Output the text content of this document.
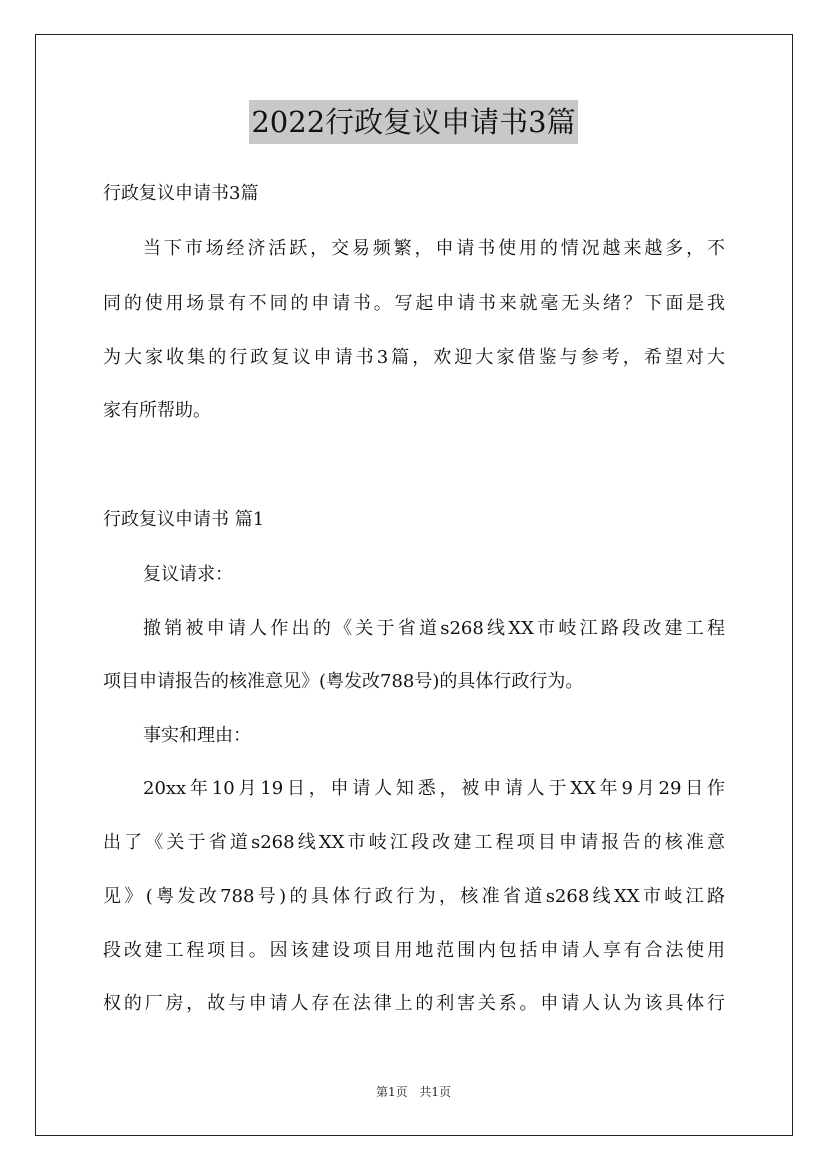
2022行政复议申请书3篇
行政复议申请书3篇
当下市场经济活跃，交易频繁，申请书使用的情况越来越多，不
同的使用场景有不同的申请书。写起申请书来就毫无头绪？下面是我
为大家收集的行政复议申请书3篇，欢迎大家借鉴与参考，希望对大
家有所帮助。
行政复议申请书 篇1
复议请求：
撤销被申请人作出的《关于省道s268线XX市岐江路段改建工程
项目申请报告的核准意见》(粤发改788号)的具体行政行为。
事实和理由：
20xx年10月19日，申请人知悉，被申请人于XX年9月29日作
出了《关于省道s268线XX市岐江段改建工程项目申请报告的核准意
见》(粤发改788号)的具体行政行为，核准省道s268线XX市岐江路
段改建工程项目。因该建设项目用地范围内包括申请人享有合法使用
权的厂房，故与申请人存在法律上的利害关系。申请人认为该具体行
第1页 共1页
